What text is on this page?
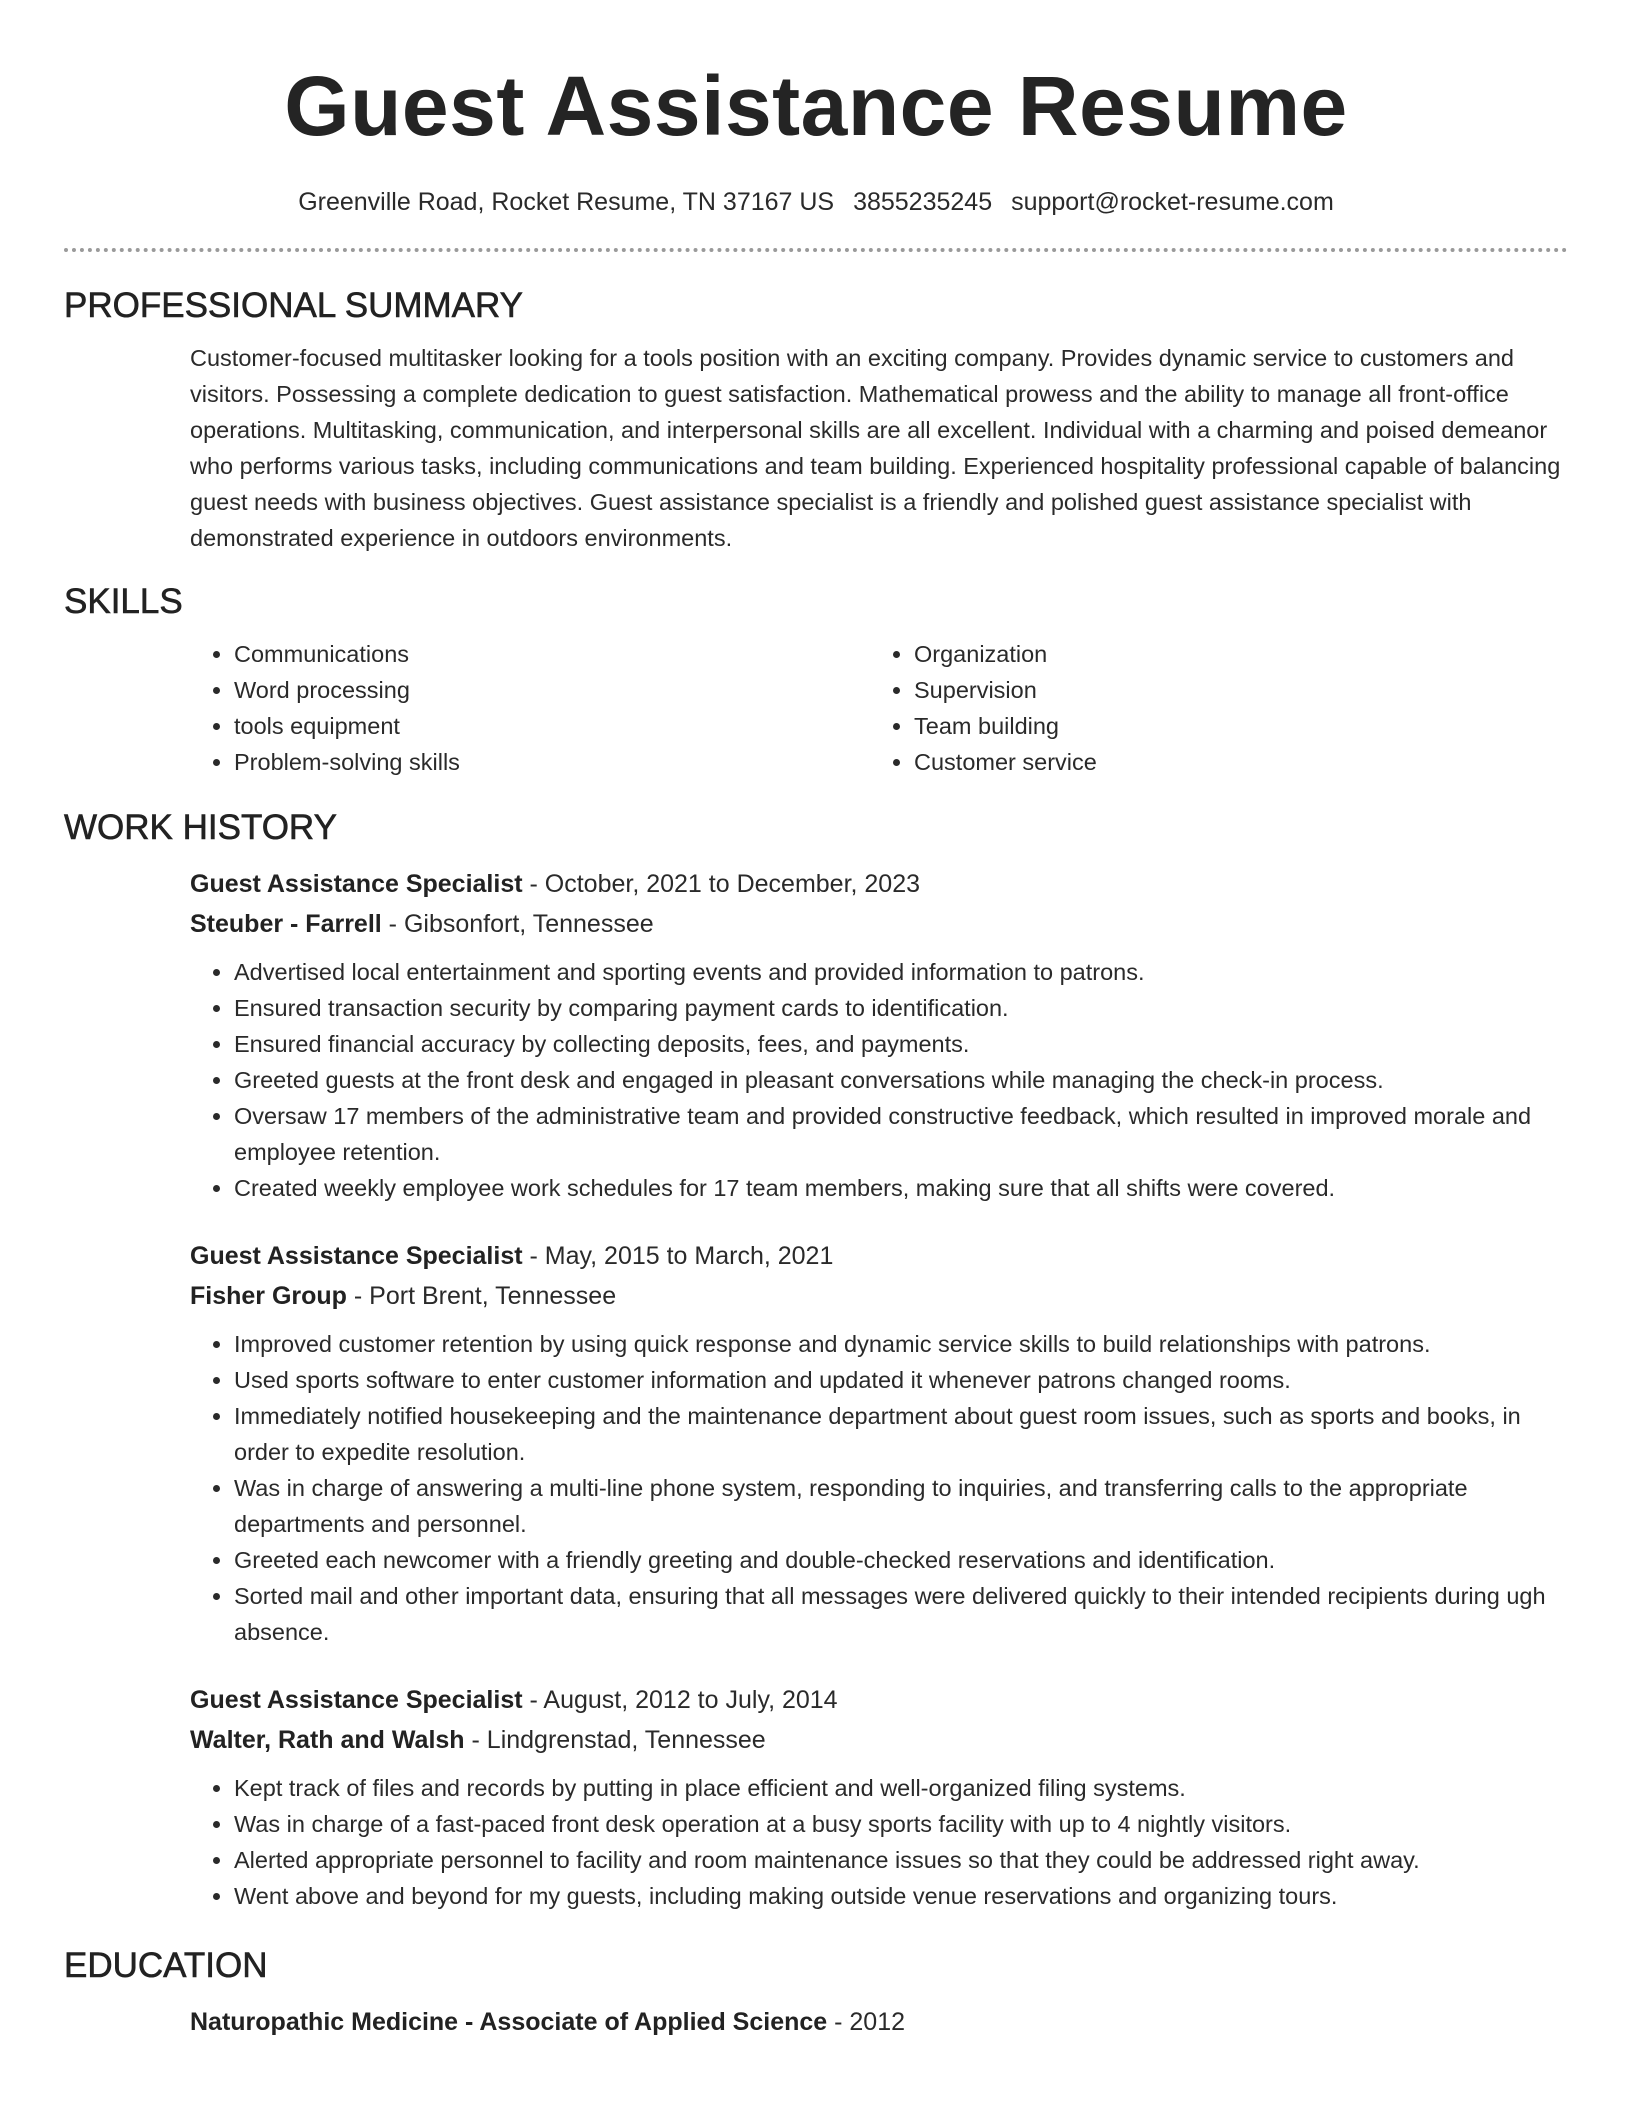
Guest Assistance Resume
Greenville Road, Rocket Resume, TN 37167 US 3855235245 support@rocket-resume.com
PROFESSIONAL SUMMARY

Customer-focused multitasker looking for a tools position with an exciting company. Provides dynamic service to customers and visitors. Possessing a complete dedication to guest satisfaction. Mathematical prowess and the ability to manage all front-office operations. Multitasking, communication, and interpersonal skills are all excellent. Individual with a charming and poised demeanor who performs various tasks, including communications and team building. Experienced hospitality professional capable of balancing guest needs with business objectives. Guest assistance specialist is a friendly and polished guest assistance specialist with demonstrated experience in outdoors environments.

SKILLS
• Communications
• Word processing
• tools equipment
• Problem-solving skills
• Organization
• Supervision
• Team building
• Customer service
WORK HISTORY
Guest Assistance Specialist - October, 2021 to December, 2023
Steuber - Farrell - Gibsonfort, Tennessee
• Advertised local entertainment and sporting events and provided information to patrons.
• Ensured transaction security by comparing payment cards to identification.
• Ensured financial accuracy by collecting deposits, fees, and payments.
• Greeted guests at the front desk and engaged in pleasant conversations while managing the check-in process.
• Oversaw 17 members of the administrative team and provided constructive feedback, which resulted in improved morale and employee retention.
• Created weekly employee work schedules for 17 team members, making sure that all shifts were covered.
Guest Assistance Specialist - May, 2015 to March, 2021
Fisher Group - Port Brent, Tennessee
• Improved customer retention by using quick response and dynamic service skills to build relationships with patrons.
• Used sports software to enter customer information and updated it whenever patrons changed rooms.
• Immediately notified housekeeping and the maintenance department about guest room issues, such as sports and books, in order to expedite resolution.
• Was in charge of answering a multi-line phone system, responding to inquiries, and transferring calls to the appropriate departments and personnel.
• Greeted each newcomer with a friendly greeting and double-checked reservations and identification.
• Sorted mail and other important data, ensuring that all messages were delivered quickly to their intended recipients during ugh absence.
Guest Assistance Specialist - August, 2012 to July, 2014
Walter, Rath and Walsh - Lindgrenstad, Tennessee
• Kept track of files and records by putting in place efficient and well-organized filing systems.
• Was in charge of a fast-paced front desk operation at a busy sports facility with up to 4 nightly visitors.
• Alerted appropriate personnel to facility and room maintenance issues so that they could be addressed right away.
• Went above and beyond for my guests, including making outside venue reservations and organizing tours.
EDUCATION
Naturopathic Medicine - Associate of Applied Science - 2012
